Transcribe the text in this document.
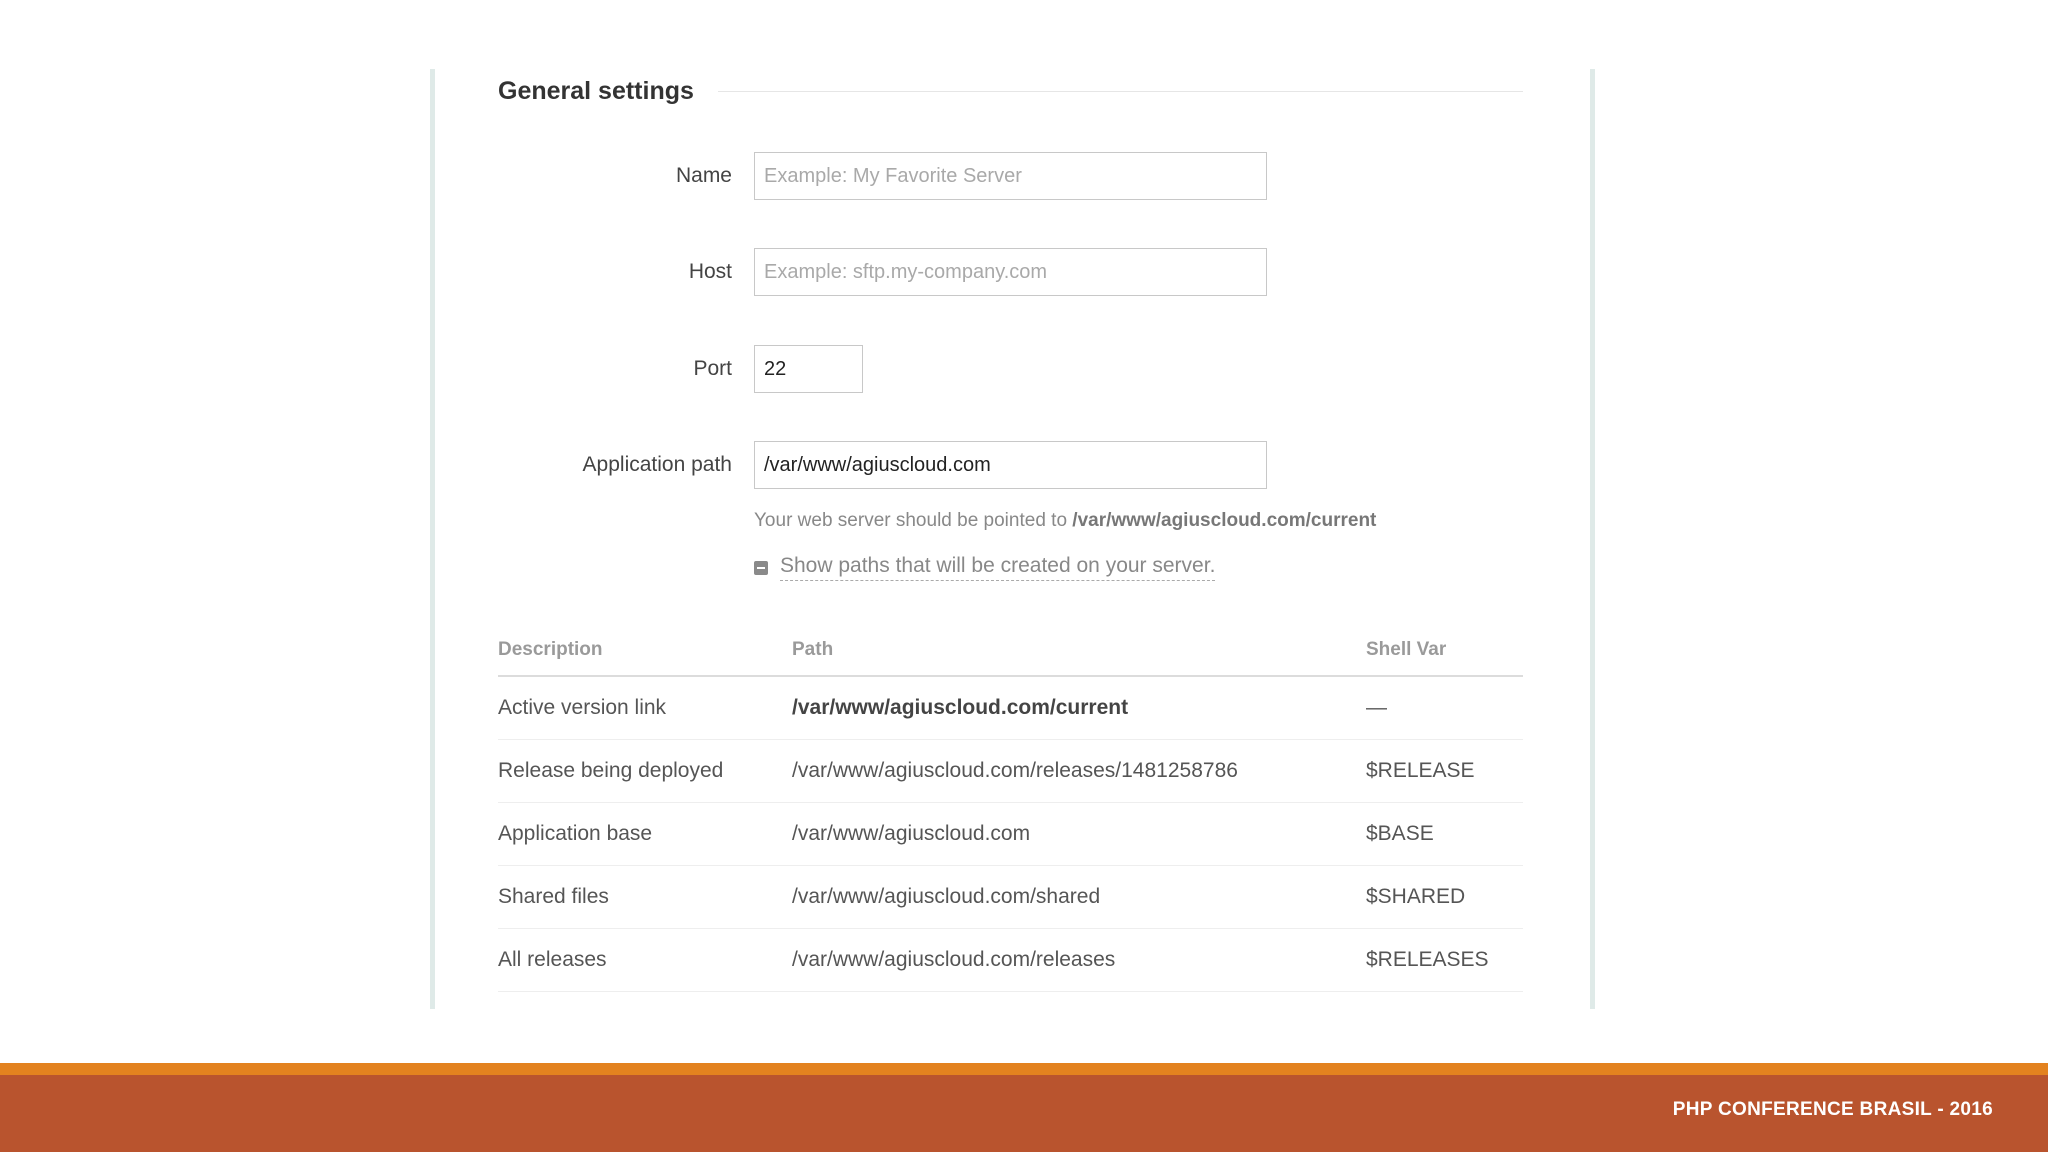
General settings
Name
Example: My Favorite Server
Host
Example: sftp.my-company.com
Port
22
Application path
/var/www/agiuscloud.com
Your web server should be pointed to /var/www/agiuscloud.com/current
Show paths that will be created on your server.
Description	Path	Shell Var
Active version link	/var/www/agiuscloud.com/current	—
Release being deployed	/var/www/agiuscloud.com/releases/1481258786	$RELEASE
Application base	/var/www/agiuscloud.com	$BASE
Shared files	/var/www/agiuscloud.com/shared	$SHARED
All releases	/var/www/agiuscloud.com/releases	$RELEASES
PHP CONFERENCE BRASIL - 2016
